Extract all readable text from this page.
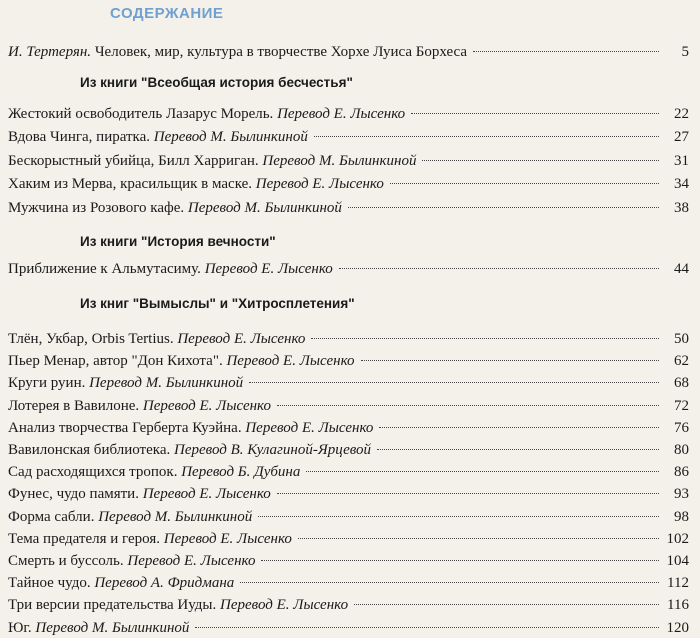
СОДЕРЖАНИЕ
И. Тертерян. Человек, мир, культура в творчестве Хорхе Луиса Борхеса	5
Из книги "Всеобщая история бесчестья"
Жестокий освободитель Лазарус Морель. Перевод Е. Лысенко	22
Вдова Чинга, пиратка. Перевод М. Былинкиной	27
Бескорыстный убийца, Билл Харриган. Перевод М. Былинкиной	31
Хаким из Мерва, красильщик в маске. Перевод Е. Лысенко	34
Мужчина из Розового кафе. Перевод М. Былинкиной	38
Из книги "История вечности"
Приближение к Альмутасиму. Перевод Е. Лысенко	44
Из книг "Вымыслы" и "Хитросплетения"
Тлён, Укбар, Orbis Tertius. Перевод Е. Лысенко	50
Пьер Менар, автор "Дон Кихота". Перевод Е. Лысенко	62
Круги руин. Перевод М. Былинкиной	68
Лотерея в Вавилоне. Перевод Е. Лысенко	72
Анализ творчества Герберта Куэйна. Перевод Е. Лысенко	76
Вавилонская библиотека. Перевод В. Кулагиной-Ярцевой	80
Сад расходящихся тропок. Перевод Б. Дубина	86
Фунес, чудо памяти. Перевод Е. Лысенко	93
Форма сабли. Перевод М. Былинкиной	98
Тема предателя и героя. Перевод Е. Лысенко	102
Смерть и буссоль. Перевод Е. Лысенко	104
Тайное чудо. Перевод А. Фридмана	112
Три версии предательства Иуды. Перевод Е. Лысенко	116
Юг. Перевод М. Былинкиной	120
